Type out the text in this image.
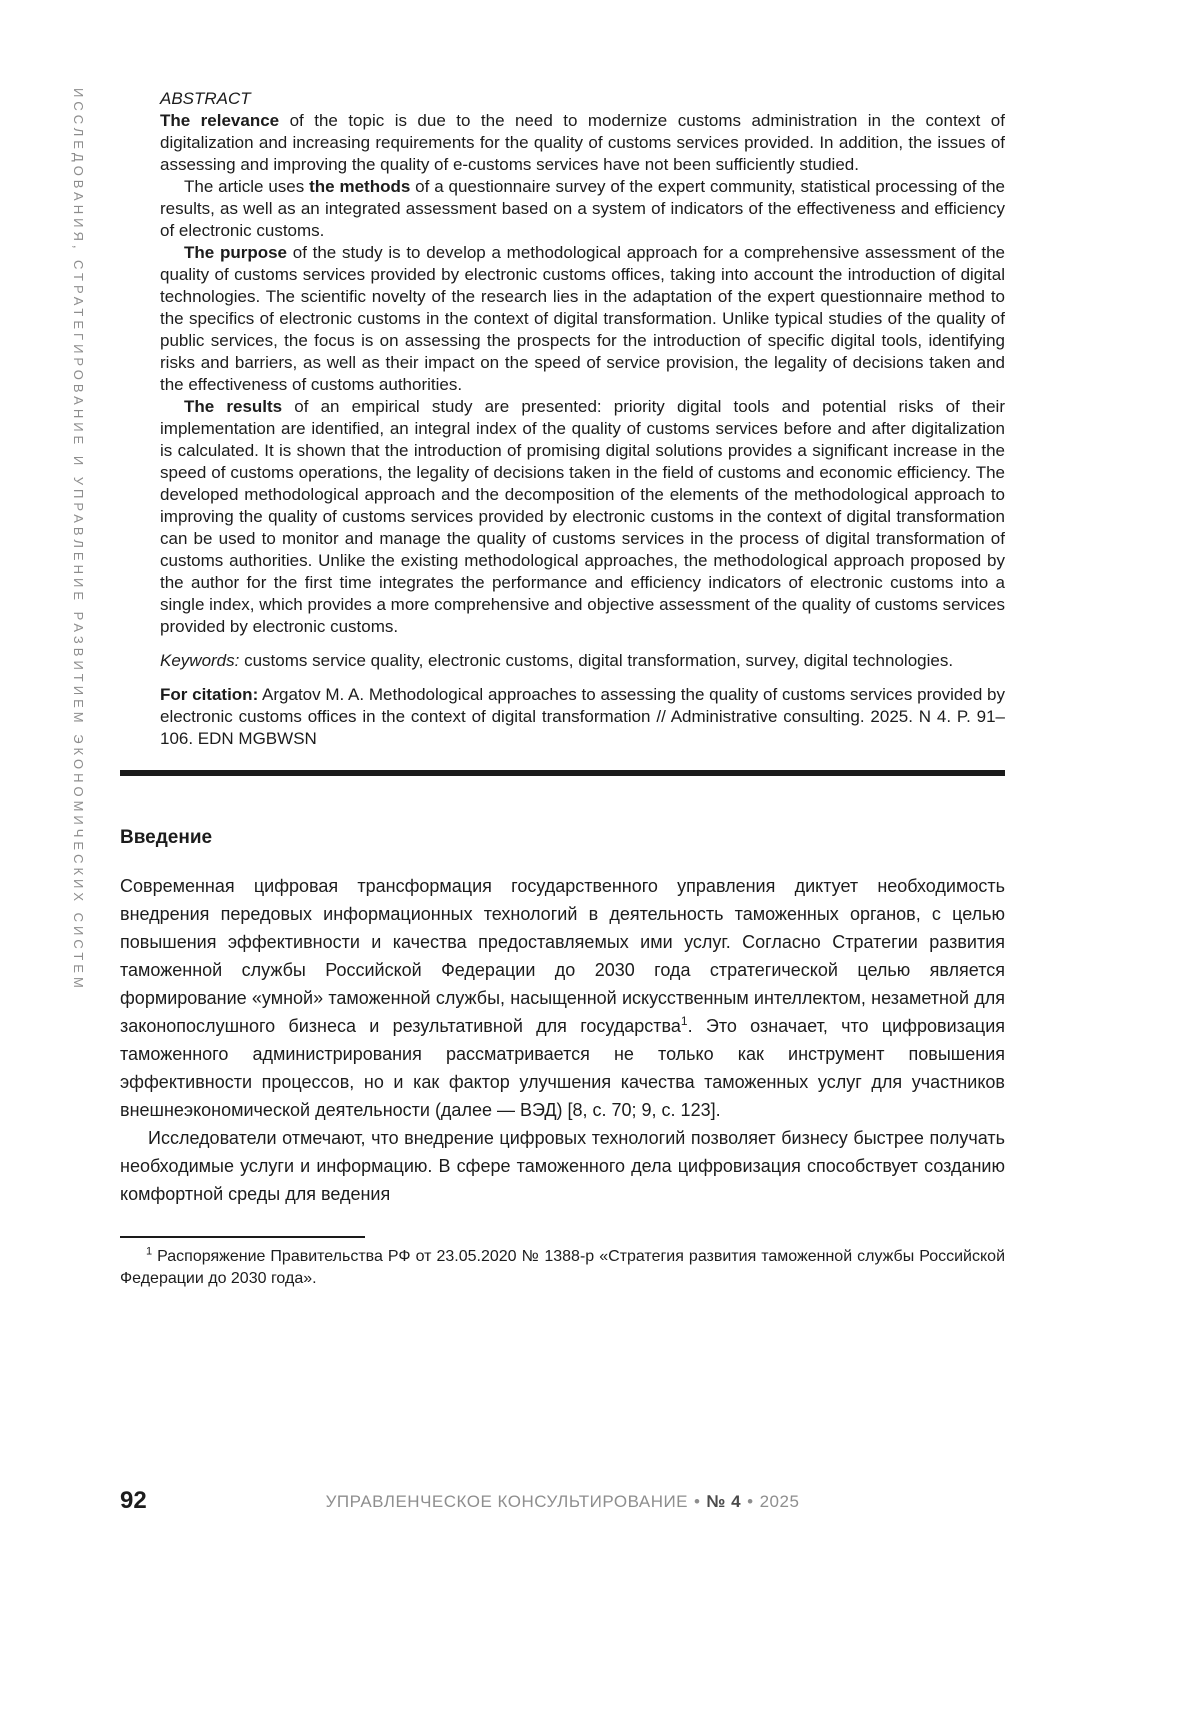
ИССЛЕДОВАНИЯ, СТРАТЕГИРОВАНИЕ И УПРАВЛЕНИЕ РАЗВИТИЕМ ЭКОНОМИЧЕСКИХ СИСТЕМ	ABSTRACT

The relevance of the topic is due to the need to modernize customs administration in the context of digitalization and increasing requirements for the quality of customs services provided. In addition, the issues of assessing and improving the quality of e-customs services have not been sufficiently studied.

The article uses the methods of a questionnaire survey of the expert community, statistical processing of the results, as well as an integrated assessment based on a system of indicators of the effectiveness and efficiency of electronic customs.

The purpose of the study is to develop a methodological approach for a comprehensive assessment of the quality of customs services provided by electronic customs offices, taking into account the introduction of digital technologies. The scientific novelty of the research lies in the adaptation of the expert questionnaire method to the specifics of electronic customs in the context of digital transformation. Unlike typical studies of the quality of public services, the focus is on assessing the prospects for the introduction of specific digital tools, identifying risks and barriers, as well as their impact on the speed of service provision, the legality of decisions taken and the effectiveness of customs authorities.

The results of an empirical study are presented: priority digital tools and potential risks of their implementation are identified, an integral index of the quality of customs services before and after digitalization is calculated. It is shown that the introduction of promising digital solutions provides a significant increase in the speed of customs operations, the legality of decisions taken in the field of customs and economic efficiency. The developed methodological approach and the decomposition of the elements of the methodological approach to improving the quality of customs services provided by electronic customs in the context of digital transformation can be used to monitor and manage the quality of customs services in the process of digital transformation of customs authorities. Unlike the existing methodological approaches, the methodological approach proposed by the author for the first time integrates the performance and efficiency indicators of electronic customs into a single index, which provides a more comprehensive and objective assessment of the quality of customs services provided by electronic customs.

Keywords: customs service quality, electronic customs, digital transformation, survey, digital technologies.

For citation: Argatov M. A. Methodological approaches to assessing the quality of customs services provided by electronic customs offices in the context of digital transformation // Administrative consulting. 2025. N 4. P. 91–106. EDN MGBWSN

Введение

Современная цифровая трансформация государственного управления диктует необходимость внедрения передовых информационных технологий в деятельность таможенных органов, с целью повышения эффективности и качества предоставляемых ими услуг. Согласно Стратегии развития таможенной службы Российской Федерации до 2030 года стратегической целью является формирование «умной» таможенной службы, насыщенной искусственным интеллектом, незаметной для законопослушного бизнеса и результативной для государства$^1$. Это означает, что цифровизация таможенного администрирования рассматривается не только как инструмент повышения эффективности процессов, но и как фактор улучшения качества таможенных услуг для участников внешнеэкономической деятельности (далее — ВЭД) [8, с. 70; 9, с. 123].

Исследователи отмечают, что внедрение цифровых технологий позволяет бизнесу быстрее получать необходимые услуги и информацию. В сфере таможенного дела цифровизация способствует созданию комфортной среды для ведения

$^1$ Распоряжение Правительства РФ от 23.05.2020 № 1388-р «Стратегия развития таможенной службы Российской Федерации до 2030 года».

92	УПРАВЛЕНЧЕСКОЕ КОНСУЛЬТИРОВАНИЕ • № 4 • 2025
